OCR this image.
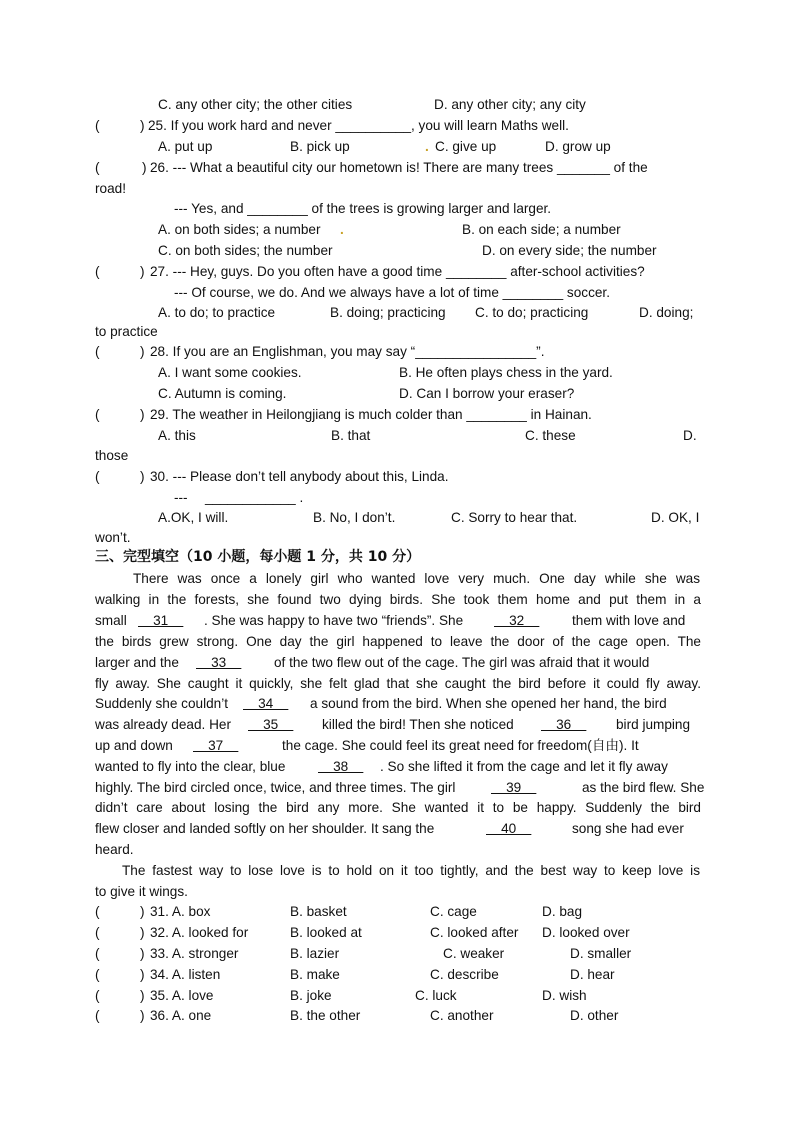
C. any other city; the other cities	D. any other city; any city
(	) 25. If you work hard and never __________, you will learn Maths well.
A. put up	B. pick up	. C. give up	D. grow up
(	) 26. --- What a beautiful city our hometown is! There are many trees _______ of the
road!
--- Yes, and ________ of the trees is growing larger and larger.
A. on both sides; a number .	B. on each side; a number
C. on both sides; the number	D. on every side; the number
(	) 27. --- Hey, guys. Do you often have a good time ________ after-school activities?
--- Of course, we do. And we always have a lot of time ________ soccer.
A. to do; to practice	B. doing; practicing C. to do; practicing	D. doing;
to practice
(	) 28. If you are an Englishman, you may say “________________”.
A. I want some cookies.	B. He often plays chess in the yard.
C. Autumn is coming.	D. Can I borrow your eraser?
(	) 29. The weather in Heilongjiang is much colder than ________ in Hainan.
A. this	B. that	C. these	D.
those
(	) 30. --- Please don’t tell anybody about this, Linda.
--- ____________ .
A.OK, I will.	B. No, I don’t.	C. Sorry to hear that.	D. OK, I
won’t.
三、完型填空（10 小题，每小题 1 分，共 10 分）
There was once a lonely girl who wanted love very much. One day while she was
walking in the forests, she found two dying birds. She took them home and put them in a
small 31 . She was happy to have two “friends”. She 32 them with love and
the birds grew strong. One day the girl happened to leave the door of the cage open. The
larger and the 33 of the two flew out of the cage. The girl was afraid that it would
fly away. She caught it quickly, she felt glad that she caught the bird before it could fly away.
Suddenly she couldn’t 34 a sound from the bird. When she opened her hand, the bird
was already dead. Her 35 killed the bird! Then she noticed 36 bird jumping
up and down 37	the cage. She could feel its great need for freedom(自由). It
wanted to fly into the clear, blue 38 . So she lifted it from the cage and let it fly away
highly. The bird circled once, twice, and three times. The girl	39	as the bird flew. She
didn’t care about losing the bird any more. She wanted it to be happy. Suddenly the bird
flew closer and landed softly on her shoulder. It sang the	40	song she had ever
heard.
The fastest way to lose love is to hold on it too tightly, and the best way to keep love is
to give it wings.
(	) 31. A. box	B. basket	C. cage	D. bag
(	) 32. A. looked for	B. looked at	C. looked after D. looked over
(	) 33. A. stronger	B. lazier	C. weaker	D. smaller
(	) 34. A. listen	B. make	C. describe	D. hear
(	) 35. A. love	B. joke	C. luck	D. wish
(	) 36. A. one	B. the other	C. another	D. other
